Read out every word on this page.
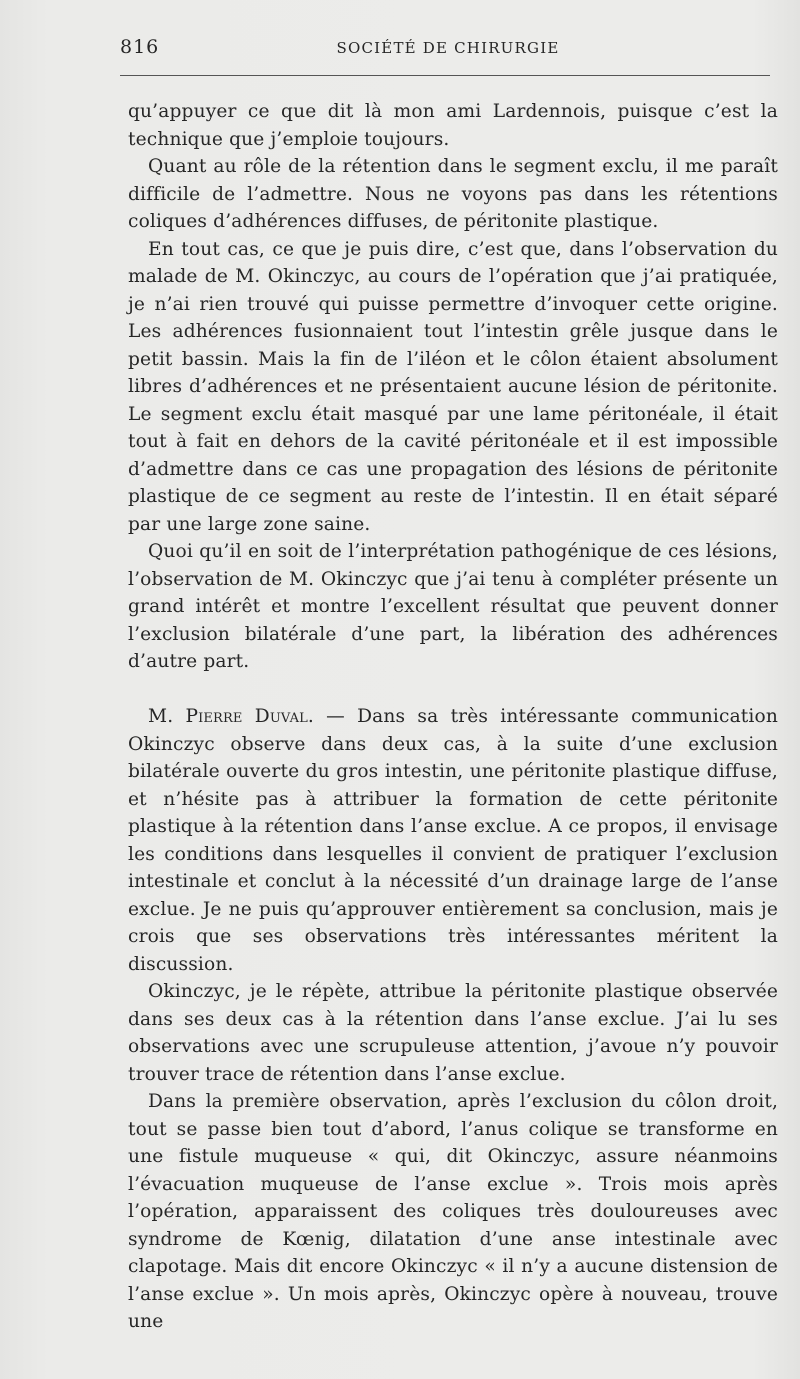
816	SOCIÉTÉ DE CHIRURGIE

qu’appuyer ce que dit là mon ami Lardennois, puisque c’est la technique que j’emploie toujours.

Quant au rôle de la rétention dans le segment exclu, il me paraît difficile de l’admettre. Nous ne voyons pas dans les rétentions coliques d’adhérences diffuses, de péritonite plastique.

En tout cas, ce que je puis dire, c’est que, dans l’observation du malade de M. Okinczyc, au cours de l’opération que j’ai pratiquée, je n’ai rien trouvé qui puisse permettre d’invoquer cette origine. Les adhérences fusionnaient tout l’intestin grêle jusque dans le petit bassin. Mais la fin de l’iléon et le côlon étaient absolument libres d’adhérences et ne présentaient aucune lésion de péritonite. Le segment exclu était masqué par une lame péritonéale, il était tout à fait en dehors de la cavité péritonéale et il est impossible d’admettre dans ce cas une propagation des lésions de péritonite plastique de ce segment au reste de l’intestin. Il en était séparé par une large zone saine.

Quoi qu’il en soit de l’interprétation pathogénique de ces lésions, l’observation de M. Okinczyc que j’ai tenu à compléter présente un grand intérêt et montre l’excellent résultat que peuvent donner l’exclusion bilatérale d’une part, la libération des adhérences d’autre part.

M. Pierre Duval. — Dans sa très intéressante communication Okinczyc observe dans deux cas, à la suite d’une exclusion bilatérale ouverte du gros intestin, une péritonite plastique diffuse, et n’hésite pas à attribuer la formation de cette péritonite plastique à la rétention dans l’anse exclue. A ce propos, il envisage les conditions dans lesquelles il convient de pratiquer l’exclusion intestinale et conclut à la nécessité d’un drainage large de l’anse exclue. Je ne puis qu’approuver entièrement sa conclusion, mais je crois que ses observations très intéressantes méritent la discussion.

Okinczyc, je le répète, attribue la péritonite plastique observée dans ses deux cas à la rétention dans l’anse exclue. J’ai lu ses observations avec une scrupuleuse attention, j’avoue n’y pouvoir trouver trace de rétention dans l’anse exclue.

Dans la première observation, après l’exclusion du côlon droit, tout se passe bien tout d’abord, l’anus colique se transforme en une fistule muqueuse « qui, dit Okinczyc, assure néanmoins l’évacuation muqueuse de l’anse exclue ». Trois mois après l’opération, apparaissent des coliques très douloureuses avec syndrome de Kœnig, dilatation d’une anse intestinale avec clapotage. Mais dit encore Okinczyc « il n’y a aucune distension de l’anse exclue ». Un mois après, Okinczyc opère à nouveau, trouve une
